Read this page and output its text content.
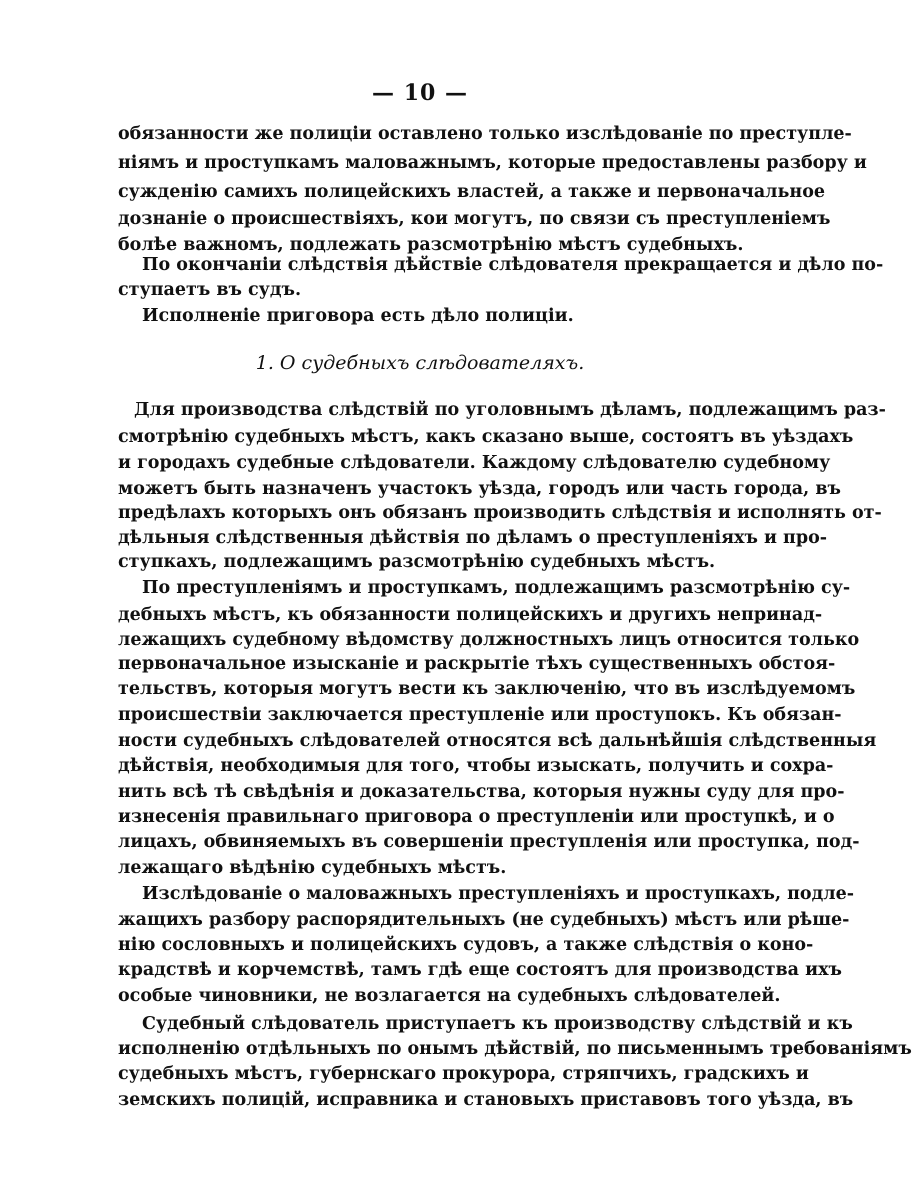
— 10 —
обязанности же полиціи оставлено только изслѣдованіе по преступле-
ніямъ и проступкамъ маловажнымъ, которые предоставлены разбору и
сужденію самихъ полицейскихъ властей, а также и первоначальное
дознаніе о происшествіяхъ, кои могутъ, по связи съ преступленіемъ
болѣе важномъ, подлежать разсмотрѣнію мѣстъ судебныхъ.
По окончаніи слѣдствія дѣйствіе слѣдователя прекращается и дѣло по-
ступаетъ въ судъ.
Исполненіе приговора есть дѣло полиціи.
1. О судебныхъ слѣдователяхъ.
Для производства слѣдствій по уголовнымъ дѣламъ, подлежащимъ раз-
смотрѣнію судебныхъ мѣстъ, какъ сказано выше, состоятъ въ уѣздахъ
и городахъ судебные слѣдователи. Каждому слѣдователю судебному
можетъ быть назначенъ участокъ уѣзда, городъ или часть города, въ
предѣлахъ которыхъ онъ обязанъ производить слѣдствія и исполнять от-
дѣльныя слѣдственныя дѣйствія по дѣламъ о преступленіяхъ и про-
ступкахъ, подлежащимъ разсмотрѣнію судебныхъ мѣстъ.
По преступленіямъ и проступкамъ, подлежащимъ разсмотрѣнію су-
дебныхъ мѣстъ, къ обязанности полицейскихъ и другихъ непринад-
лежащихъ судебному вѣдомству должностныхъ лицъ относится только
первоначальное изысканіе и раскрытіе тѣхъ существенныхъ обстоя-
тельствъ, которыя могутъ вести къ заключенію, что въ изслѣдуемомъ
происшествіи заключается преступленіе или проступокъ. Къ обязан-
ности судебныхъ слѣдователей относятся всѣ дальнѣйшія слѣдственныя
дѣйствія, необходимыя для того, чтобы изыскать, получить и сохра-
нить всѣ тѣ свѣдѣнія и доказательства, которыя нужны суду для про-
изнесенія правильнаго приговора о преступленіи или проступкѣ, и о
лицахъ, обвиняемыхъ въ совершеніи преступленія или проступка, под-
лежащаго вѣдѣнію судебныхъ мѣстъ.
Изслѣдованіе о маловажныхъ преступленіяхъ и проступкахъ, подле-
жащихъ разбору распорядительныхъ (не судебныхъ) мѣстъ или рѣше-
нію сословныхъ и полицейскихъ судовъ, а также слѣдствія о коно-
крадствѣ и корчемствѣ, тамъ гдѣ еще состоятъ для производства ихъ
особые чиновники, не возлагается на судебныхъ слѣдователей.
Судебный слѣдователь приступаетъ къ производству слѣдствій и къ
исполненію отдѣльныхъ по онымъ дѣйствій, по письменнымъ требованіямъ
судебныхъ мѣстъ, губернскаго прокурора, стряпчихъ, градскихъ и
земскихъ полицій, исправника и становыхъ приставовъ того уѣзда, въ
